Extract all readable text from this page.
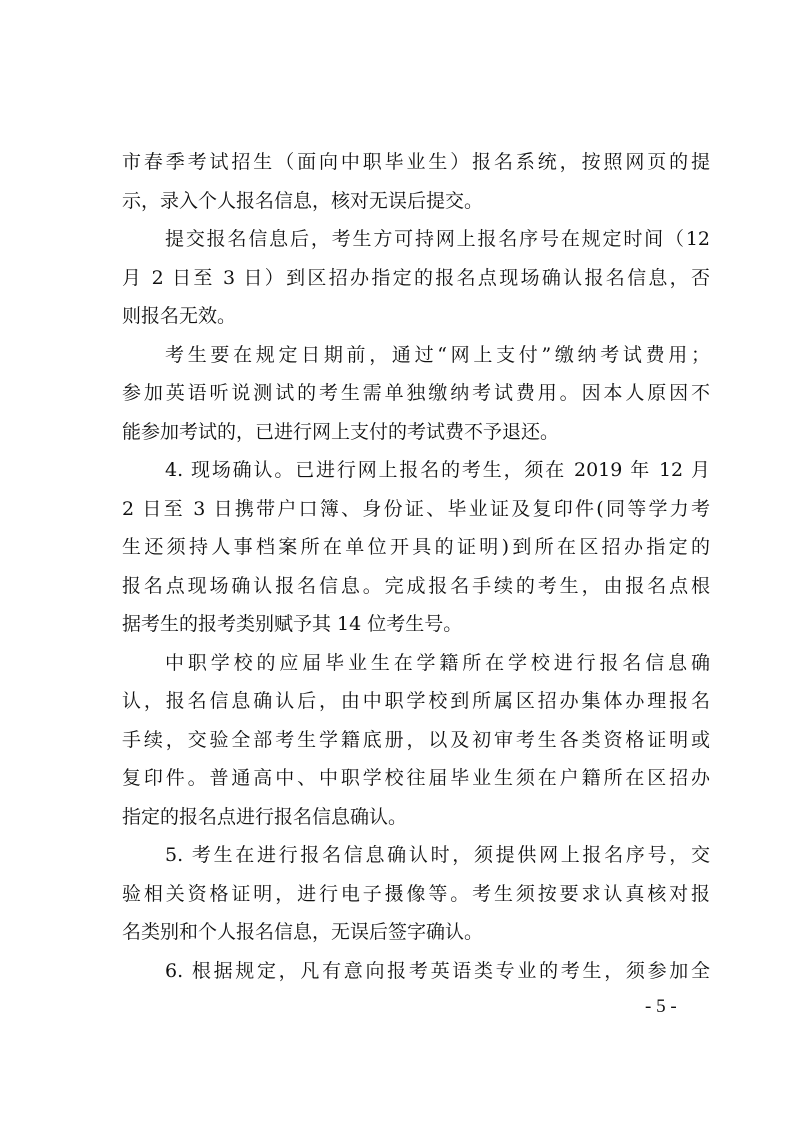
市春季考试招生（面向中职毕业生）报名系统，按照网页的提
示，录入个人报名信息，核对无误后提交。
提交报名信息后，考生方可持网上报名序号在规定时间（12
月 2 日至 3 日）到区招办指定的报名点现场确认报名信息，否
则报名无效。
考生要在规定日期前，通过“网上支付”缴纳考试费用；
参加英语听说测试的考生需单独缴纳考试费用。因本人原因不
能参加考试的，已进行网上支付的考试费不予退还。
4. 现场确认。已进行网上报名的考生，须在 2019 年 12 月
2 日至 3 日携带户口簿、身份证、毕业证及复印件(同等学力考
生还须持人事档案所在单位开具的证明)到所在区招办指定的
报名点现场确认报名信息。完成报名手续的考生，由报名点根
据考生的报考类别赋予其 14 位考生号。
中职学校的应届毕业生在学籍所在学校进行报名信息确
认，报名信息确认后，由中职学校到所属区招办集体办理报名
手续，交验全部考生学籍底册，以及初审考生各类资格证明或
复印件。普通高中、中职学校往届毕业生须在户籍所在区招办
指定的报名点进行报名信息确认。
5. 考生在进行报名信息确认时，须提供网上报名序号，交
验相关资格证明，进行电子摄像等。考生须按要求认真核对报
名类别和个人报名信息，无误后签字确认。
6. 根据规定，凡有意向报考英语类专业的考生，须参加全
- 5 -
